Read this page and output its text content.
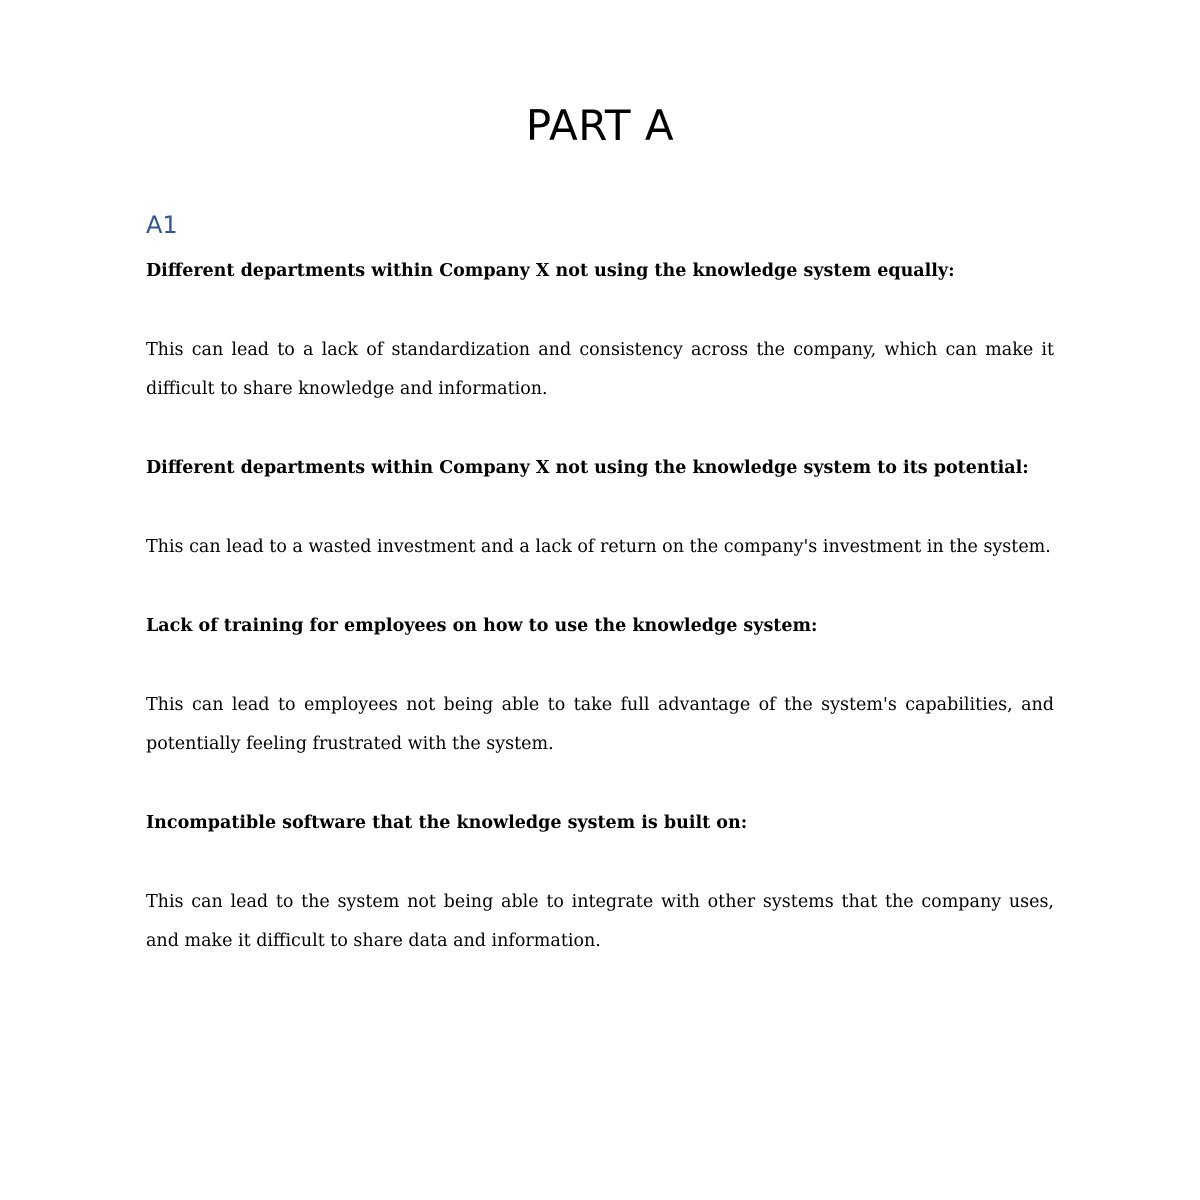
PART A
A1

Different departments within Company X not using the knowledge system equally:

This can lead to a lack of standardization and consistency across the company, which can make it difficult to share knowledge and information.

Different departments within Company X not using the knowledge system to its potential:

This can lead to a wasted investment and a lack of return on the company's investment in the system.

Lack of training for employees on how to use the knowledge system:

This can lead to employees not being able to take full advantage of the system's capabilities, and potentially feeling frustrated with the system.

Incompatible software that the knowledge system is built on:

This can lead to the system not being able to integrate with other systems that the company uses, and make it difficult to share data and information.
